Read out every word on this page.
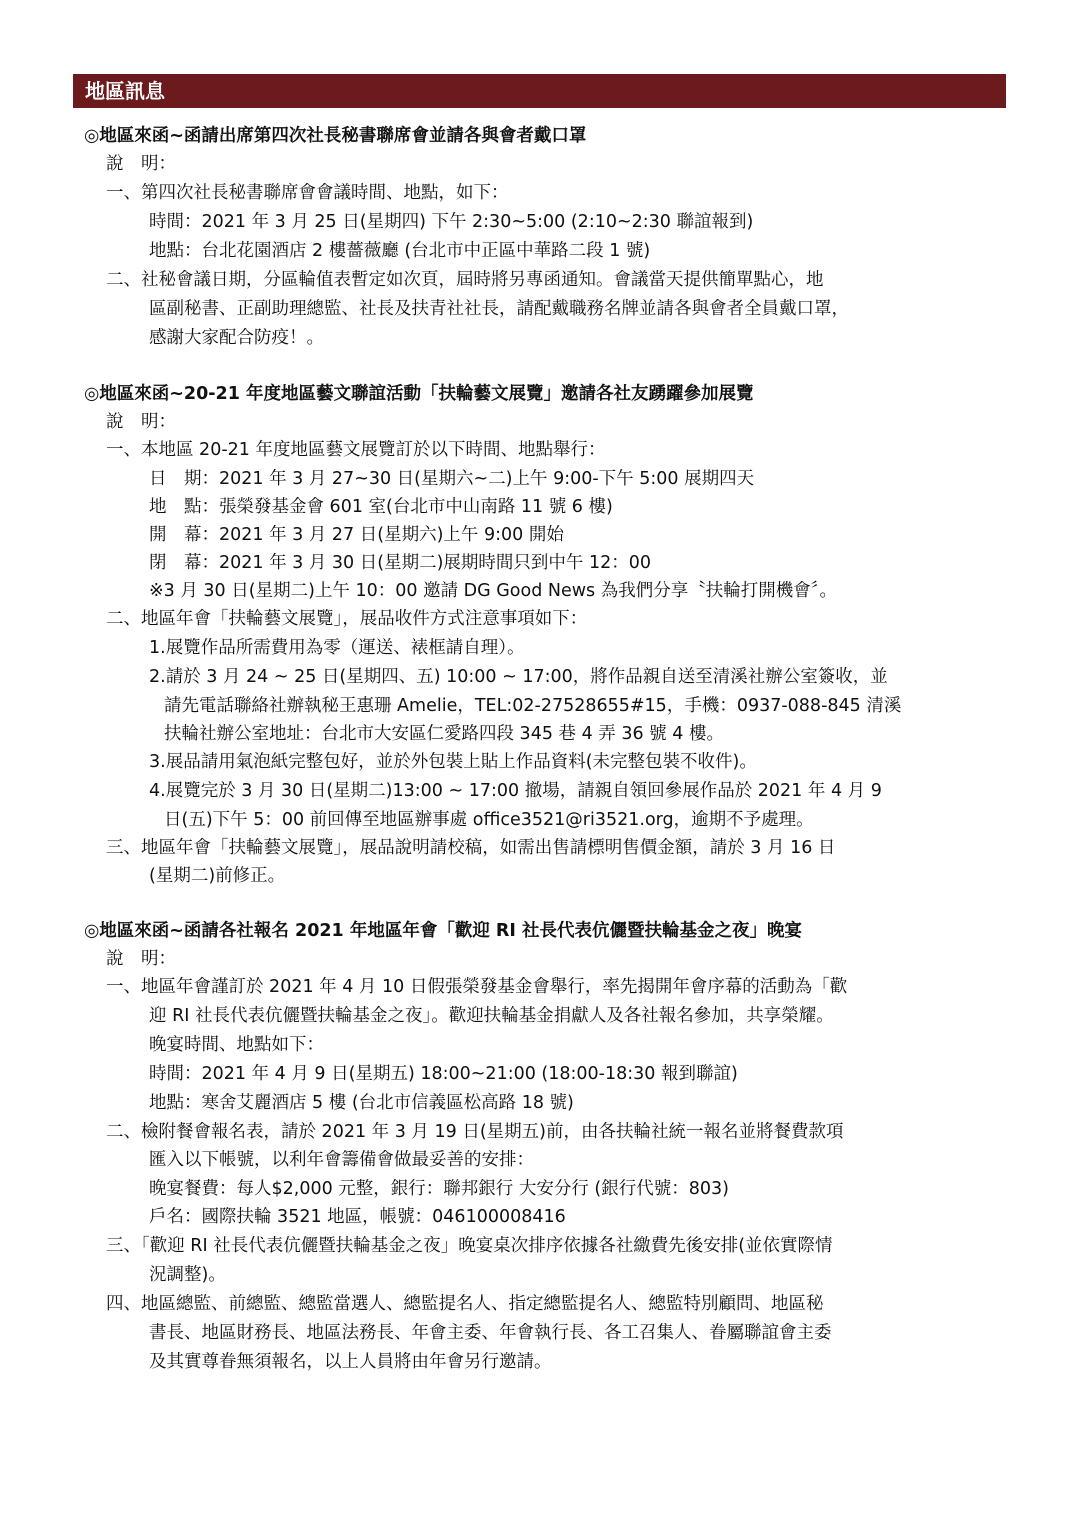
地區訊息
◎地區來函~函請出席第四次社長秘書聯席會並請各與會者戴口罩
說　明：
一、第四次社長秘書聯席會會議時間、地點，如下：
時間：2021 年 3 月 25 日(星期四) 下午 2:30~5:00 (2:10~2:30 聯誼報到)
地點：台北花園酒店 2 樓薔薇廳 (台北市中正區中華路二段 1 號)
二、社秘會議日期，分區輪值表暫定如次頁，屆時將另專函通知。會議當天提供簡單點心，地
區副秘書、正副助理總監、社長及扶青社社長，請配戴職務名牌並請各與會者全員戴口罩，
感謝大家配合防疫！。
◎地區來函~20-21 年度地區藝文聯誼活動「扶輪藝文展覽」邀請各社友踴躍參加展覽
說　明：
一、本地區 20-21 年度地區藝文展覽訂於以下時間、地點舉行：
日　期：2021 年 3 月 27~30 日(星期六~二)上午 9:00-下午 5:00 展期四天
地　點：張榮發基金會 601 室(台北市中山南路 11 號 6 樓)
開　幕：2021 年 3 月 27 日(星期六)上午 9:00 開始
閉　幕：2021 年 3 月 30 日(星期二)展期時間只到中午 12：00
※3 月 30 日(星期二)上午 10：00 邀請 DG Good News 為我們分享〝扶輪打開機會〞。
二、地區年會「扶輪藝文展覽」，展品收件方式注意事項如下：
1.展覽作品所需費用為零（運送、裱框請自理）。
2.請於 3 月 24 ~ 25 日(星期四、五) 10:00 ~ 17:00，將作品親自送至清溪社辦公室簽收，並
請先電話聯絡社辦執秘王惠珊 Amelie，TEL:02-27528655#15，手機：0937-088-845 清溪
扶輪社辦公室地址：台北市大安區仁愛路四段 345 巷 4 弄 36 號 4 樓。
3.展品請用氣泡紙完整包好，並於外包裝上貼上作品資料(未完整包裝不收件)。
4.展覽完於 3 月 30 日(星期二)13:00 ~ 17:00 撤場，請親自領回參展作品於 2021 年 4 月 9
日(五)下午 5：00 前回傳至地區辦事處 office3521@ri3521.org，逾期不予處理。
三、地區年會「扶輪藝文展覽」，展品說明請校稿，如需出售請標明售價金額，請於 3 月 16 日
(星期二)前修正。
◎地區來函~函請各社報名 2021 年地區年會「歡迎 RI 社長代表伉儷暨扶輪基金之夜」晚宴
說　明：
一、地區年會謹訂於 2021 年 4 月 10 日假張榮發基金會舉行，率先揭開年會序幕的活動為「歡
迎 RI 社長代表伉儷暨扶輪基金之夜」。歡迎扶輪基金捐獻人及各社報名參加，共享榮耀。
晚宴時間、地點如下：
時間：2021 年 4 月 9 日(星期五) 18:00~21:00 (18:00-18:30 報到聯誼)
地點：寒舍艾麗酒店 5 樓 (台北市信義區松高路 18 號)
二、檢附餐會報名表，請於 2021 年 3 月 19 日(星期五)前，由各扶輪社統一報名並將餐費款項
匯入以下帳號，以利年會籌備會做最妥善的安排：
晚宴餐費：每人$2,000 元整，銀行：聯邦銀行 大安分行 (銀行代號：803)
戶名：國際扶輪 3521 地區，帳號：046100008416
三、「歡迎 RI 社長代表伉儷暨扶輪基金之夜」晚宴桌次排序依據各社繳費先後安排(並依實際情
況調整)。
四、地區總監、前總監、總監當選人、總監提名人、指定總監提名人、總監特別顧問、地區秘
書長、地區財務長、地區法務長、年會主委、年會執行長、各工召集人、眷屬聯誼會主委
及其實尊眷無須報名，以上人員將由年會另行邀請。
